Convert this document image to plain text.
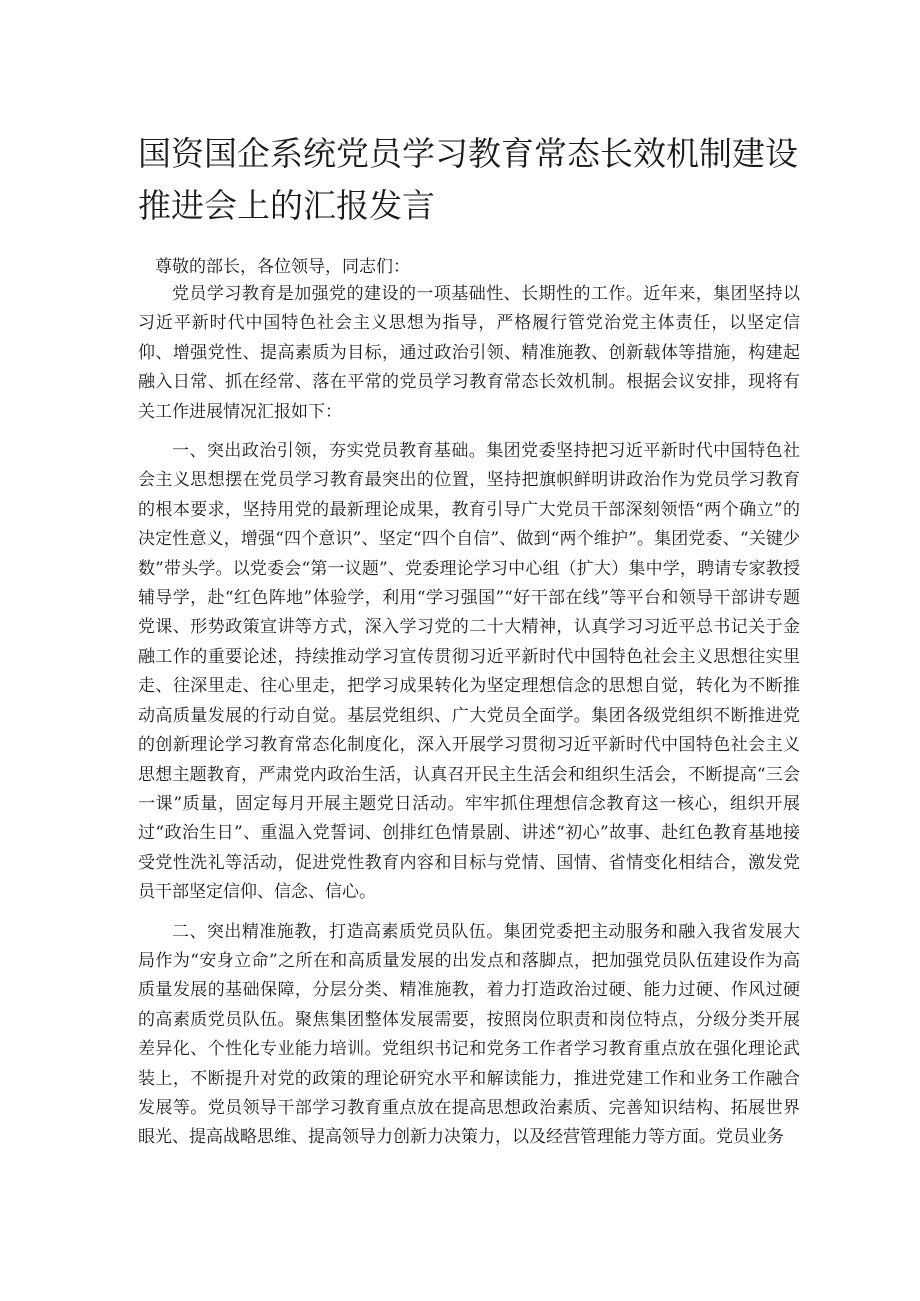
国资国企系统党员学习教育常态长效机制建设推进会上的汇报发言

尊敬的部长，各位领导，同志们：

党员学习教育是加强党的建设的一项基础性、长期性的工作。近年来，集团坚持以习近平新时代中国特色社会主义思想为指导，严格履行管党治党主体责任，以坚定信仰、增强党性、提高素质为目标，通过政治引领、精准施教、创新载体等措施，构建起融入日常、抓在经常、落在平常的党员学习教育常态长效机制。根据会议安排，现将有关工作进展情况汇报如下：

一、突出政治引领，夯实党员教育基础。集团党委坚持把习近平新时代中国特色社会主义思想摆在党员学习教育最突出的位置，坚持把旗帜鲜明讲政治作为党员学习教育的根本要求，坚持用党的最新理论成果，教育引导广大党员干部深刻领悟“两个确立”的决定性意义，增强“四个意识”、坚定“四个自信”、做到“两个维护”。集团党委、“关键少数”带头学。以党委会“第一议题”、党委理论学习中心组（扩大）集中学，聘请专家教授辅导学，赴“红色阵地”体验学，利用“学习强国”“好干部在线”等平台和领导干部讲专题党课、形势政策宣讲等方式，深入学习党的二十大精神，认真学习习近平总书记关于金融工作的重要论述，持续推动学习宣传贯彻习近平新时代中国特色社会主义思想往实里走、往深里走、往心里走，把学习成果转化为坚定理想信念的思想自觉，转化为不断推动高质量发展的行动自觉。基层党组织、广大党员全面学。集团各级党组织不断推进党的创新理论学习教育常态化制度化，深入开展学习贯彻习近平新时代中国特色社会主义思想主题教育，严肃党内政治生活，认真召开民主生活会和组织生活会，不断提高“三会一课”质量，固定每月开展主题党日活动。牢牢抓住理想信念教育这一核心，组织开展过“政治生日”、重温入党誓词、创排红色情景剧、讲述“初心”故事、赴红色教育基地接受党性洗礼等活动，促进党性教育内容和目标与党情、国情、省情变化相结合，激发党员干部坚定信仰、信念、信心。

二、突出精准施教，打造高素质党员队伍。集团党委把主动服务和融入我省发展大局作为“安身立命”之所在和高质量发展的出发点和落脚点，把加强党员队伍建设作为高质量发展的基础保障，分层分类、精准施教，着力打造政治过硬、能力过硬、作风过硬的高素质党员队伍。聚焦集团整体发展需要，按照岗位职责和岗位特点，分级分类开展差异化、个性化专业能力培训。党组织书记和党务工作者学习教育重点放在强化理论武装上，不断提升对党的政策的理论研究水平和解读能力，推进党建工作和业务工作融合发展等。党员领导干部学习教育重点放在提高思想政治素质、完善知识结构、拓展世界眼光、提高战略思维、提高领导力创新力决策力，以及经营管理能力等方面。党员业务
